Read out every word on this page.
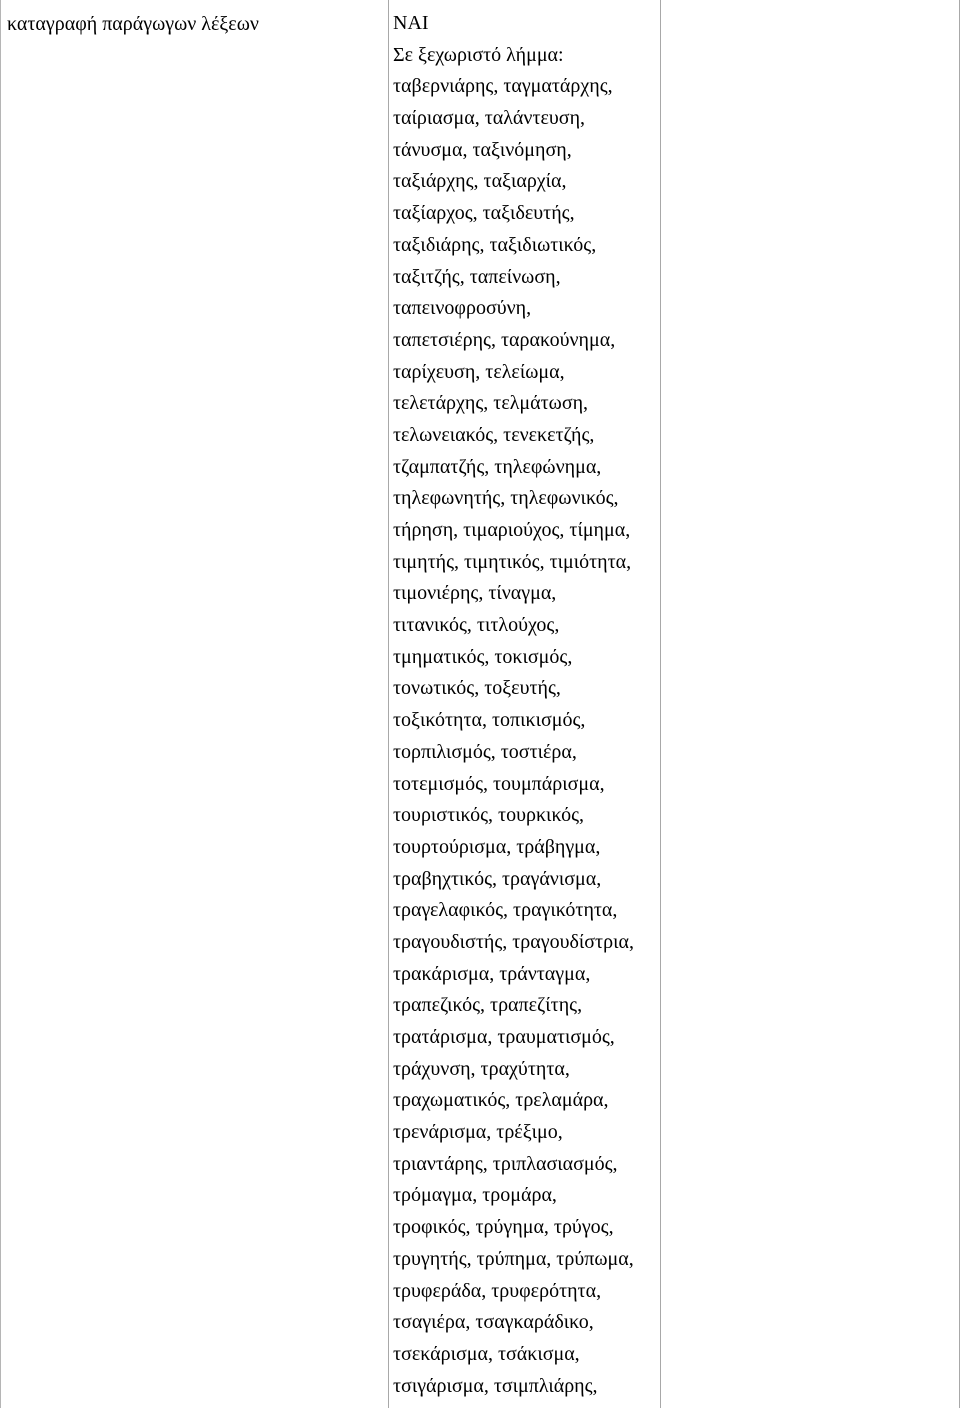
καταγραφή παράγωγων λέξεων	ΝΑΙ
Σε ξεχωριστό λήμμα:
ταβερνιάρης, ταγματάρχης,
ταίριασμα, ταλάντευση,
τάνυσμα, ταξινόμηση,
ταξιάρχης, ταξιαρχία,
ταξίαρχος, ταξιδευτής,
ταξιδιάρης, ταξιδιωτικός,
ταξιτζής, ταπείνωση,
ταπεινοφροσύνη,
ταπετσιέρης, ταρακούνημα,
ταρίχευση, τελείωμα,
τελετάρχης, τελμάτωση,
τελωνειακός, τενεκετζής,
τζαμπατζής, τηλεφώνημα,
τηλεφωνητής, τηλεφωνικός,
τήρηση, τιμαριούχος, τίμημα,
τιμητής, τιμητικός, τιμιότητα,
τιμονιέρης, τίναγμα,
τιτανικός, τιτλούχος,
τμηματικός, τοκισμός,
τονωτικός, τοξευτής,
τοξικότητα, τοπικισμός,
τορπιλισμός, τοστιέρα,
τοτεμισμός, τουμπάρισμα,
τουριστικός, τουρκικός,
τουρτούρισμα, τράβηγμα,
τραβηχτικός, τραγάνισμα,
τραγελαφικός, τραγικότητα,
τραγουδιστής, τραγουδίστρια,
τρακάρισμα, τράνταγμα,
τραπεζικός, τραπεζίτης,
τρατάρισμα, τραυματισμός,
τράχυνση, τραχύτητα,
τραχωματικός, τρελαμάρα,
τρενάρισμα, τρέξιμο,
τριαντάρης, τριπλασιασμός,
τρόμαγμα, τρομάρα,
τροφικός, τρύγημα, τρύγος,
τρυγητής, τρύπημα, τρύπωμα,
τρυφεράδα, τρυφερότητα,
τσαγιέρα, τσαγκαράδικο,
τσεκάρισμα, τσάκισμα,
τσιγάρισμα, τσιμπλιάρης,
